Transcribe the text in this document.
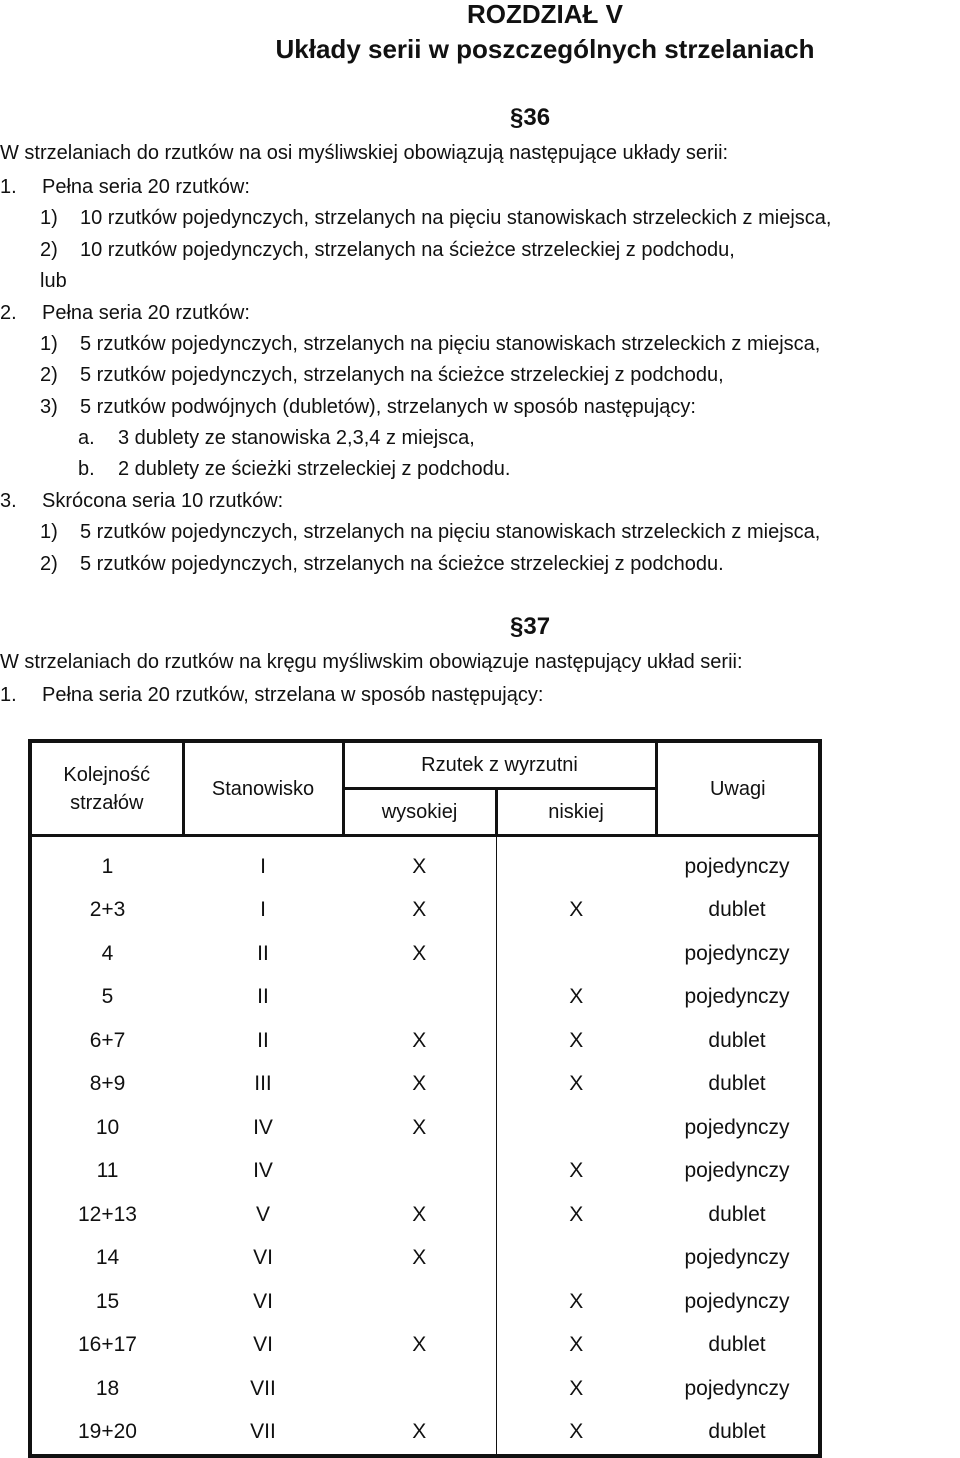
ROZDZIAŁ V
Układy serii w poszczególnych strzelaniach
§36

W strzelaniach do rzutków na osi myśliwskiej obowiązują następujące układy serii:

1. Pełna seria 20 rzutków:

1) 10 rzutków pojedynczych, strzelanych na pięciu stanowiskach strzeleckich z miejsca,

2) 10 rzutków pojedynczych, strzelanych na ścieżce strzeleckiej z podchodu,

lub

2. Pełna seria 20 rzutków:

1) 5 rzutków pojedynczych, strzelanych na pięciu stanowiskach strzeleckich z miejsca,

2) 5 rzutków pojedynczych, strzelanych na ścieżce strzeleckiej z podchodu,

3) 5 rzutków podwójnych (dubletów), strzelanych w sposób następujący:

a. 3 dublety ze stanowiska 2,3,4 z miejsca,

b. 2 dublety ze ścieżki strzeleckiej z podchodu.

3. Skrócona seria 10 rzutków:

1) 5 rzutków pojedynczych, strzelanych na pięciu stanowiskach strzeleckich z miejsca,

2) 5 rzutków pojedynczych, strzelanych na ścieżce strzeleckiej z podchodu.

§37

W strzelaniach do rzutków na kręgu myśliwskim obowiązuje następujący układ serii:

1. Pełna seria 20 rzutków, strzelana w sposób następujący:

Kolejność strzałów	Stanowisko	Rzutek z wyrzutni		Uwagi
		wysokiej	niskiej	
1	I	X		pojedynczy
2+3	I	X	X	dublet
4	II	X		pojedynczy
5	II		X	pojedynczy
6+7	II	X	X	dublet
8+9	III	X	X	dublet
10	IV	X		pojedynczy
11	IV		X	pojedynczy
12+13	V	X	X	dublet
14	VI	X		pojedynczy
15	VI		X	pojedynczy
16+17	VI	X	X	dublet
18	VII		X	pojedynczy
19+20	VII	X	X	dublet
